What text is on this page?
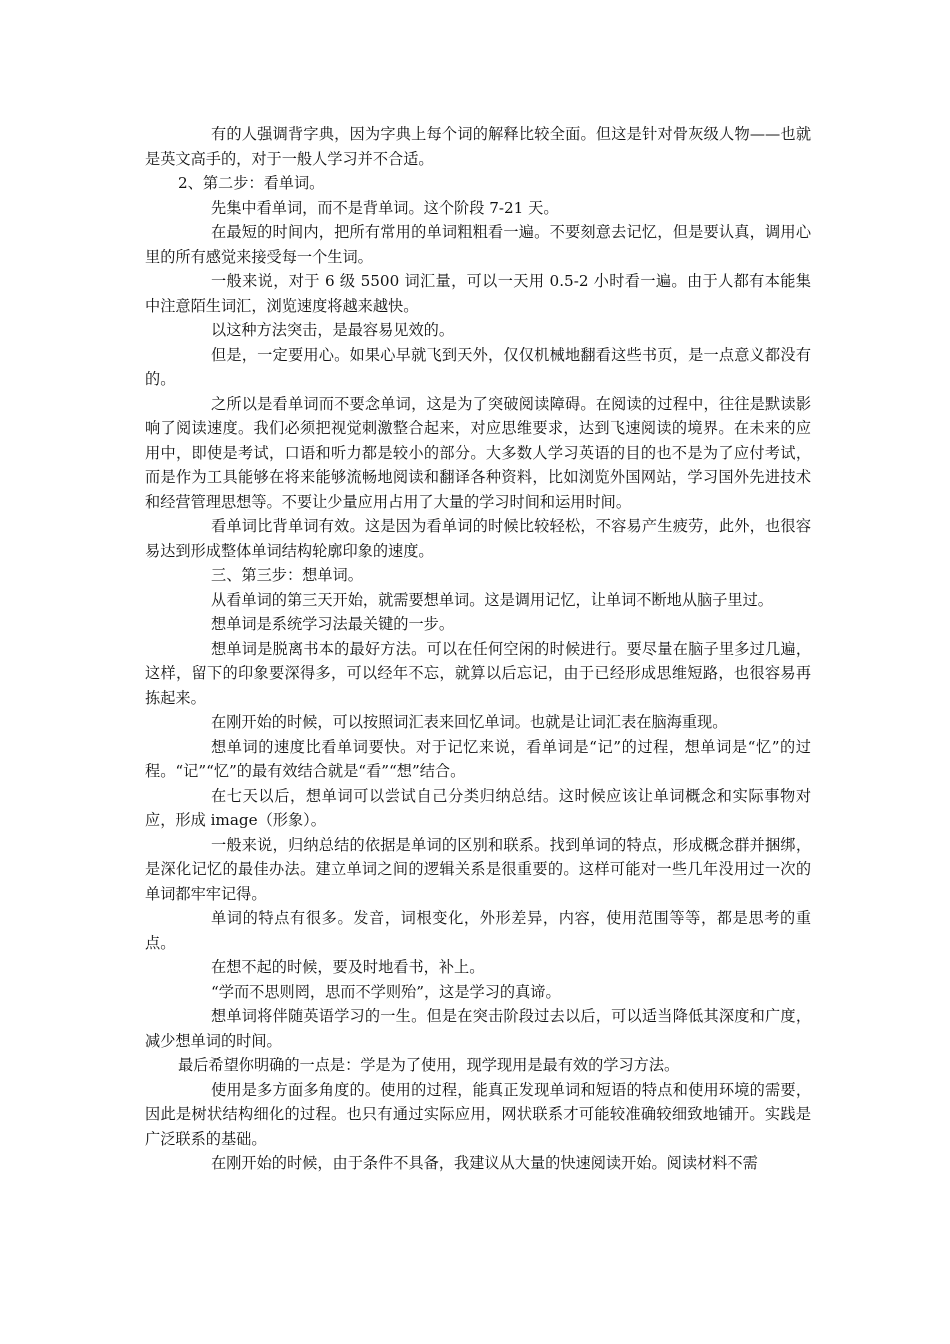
有的人强调背字典，因为字典上每个词的解释比较全面。但这是针对骨灰级人物——也就是英文高手的，对于一般人学习并不合适。

2、第二步：看单词。

先集中看单词，而不是背单词。这个阶段 7-21 天。

在最短的时间内，把所有常用的单词粗粗看一遍。不要刻意去记忆，但是要认真，调用心里的所有感觉来接受每一个生词。

一般来说，对于 6 级 5500 词汇量，可以一天用 0.5-2 小时看一遍。由于人都有本能集中注意陌生词汇，浏览速度将越来越快。

以这种方法突击，是最容易见效的。

但是，一定要用心。如果心早就飞到天外，仅仅机械地翻看这些书页，是一点意义都没有的。

之所以是看单词而不要念单词，这是为了突破阅读障碍。在阅读的过程中，往往是默读影响了阅读速度。我们必须把视觉刺激整合起来，对应思维要求，达到飞速阅读的境界。在未来的应用中，即使是考试，口语和听力都是较小的部分。大多数人学习英语的目的也不是为了应付考试，而是作为工具能够在将来能够流畅地阅读和翻译各种资料，比如浏览外国网站，学习国外先进技术和经营管理思想等。不要让少量应用占用了大量的学习时间和运用时间。

看单词比背单词有效。这是因为看单词的时候比较轻松，不容易产生疲劳，此外，也很容易达到形成整体单词结构轮廓印象的速度。

三、第三步：想单词。

从看单词的第三天开始，就需要想单词。这是调用记忆，让单词不断地从脑子里过。

想单词是系统学习法最关键的一步。

想单词是脱离书本的最好方法。可以在任何空闲的时候进行。要尽量在脑子里多过几遍，这样，留下的印象要深得多，可以经年不忘，就算以后忘记，由于已经形成思维短路，也很容易再拣起来。

在刚开始的时候，可以按照词汇表来回忆单词。也就是让词汇表在脑海重现。

想单词的速度比看单词要快。对于记忆来说，看单词是“记”的过程，想单词是“忆”的过程。“记”“忆”的最有效结合就是“看”“想”结合。

在七天以后，想单词可以尝试自己分类归纳总结。这时候应该让单词概念和实际事物对应，形成 image（形象）。

一般来说，归纳总结的依据是单词的区别和联系。找到单词的特点，形成概念群并捆绑，是深化记忆的最佳办法。建立单词之间的逻辑关系是很重要的。这样可能对一些几年没用过一次的单词都牢牢记得。

单词的特点有很多。发音，词根变化，外形差异，内容，使用范围等等，都是思考的重点。

在想不起的时候，要及时地看书，补上。

“学而不思则罔，思而不学则殆”，这是学习的真谛。

想单词将伴随英语学习的一生。但是在突击阶段过去以后，可以适当降低其深度和广度，减少想单词的时间。

最后希望你明确的一点是：学是为了使用，现学现用是最有效的学习方法。

使用是多方面多角度的。使用的过程，能真正发现单词和短语的特点和使用环境的需要，因此是树状结构细化的过程。也只有通过实际应用，网状联系才可能较准确较细致地铺开。实践是广泛联系的基础。

在刚开始的时候，由于条件不具备，我建议从大量的快速阅读开始。阅读材料不需
